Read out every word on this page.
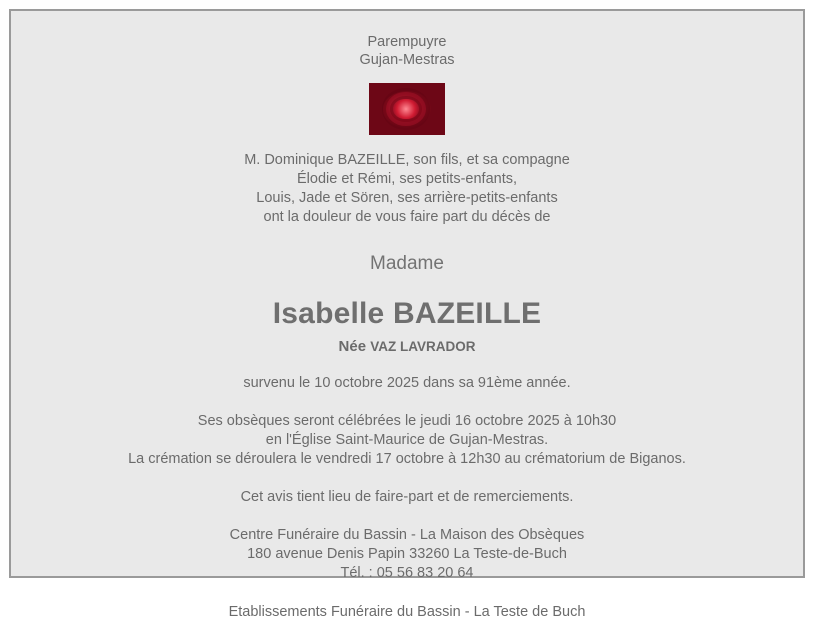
Parempuyre
Gujan-Mestras
M. Dominique BAZEILLE, son fils, et sa compagne
Élodie et Rémi, ses petits-enfants,
Louis, Jade et Sören, ses arrière-petits-enfants
ont la douleur de vous faire part du décès de
Madame
Isabelle BAZEILLE
Née VAZ LAVRADOR
survenu le 10 octobre 2025 dans sa 91ème année.
Ses obsèques seront célébrées le jeudi 16 octobre 2025 à 10h30
en l'Église Saint-Maurice de Gujan-Mestras.
La crémation se déroulera le vendredi 17 octobre à 12h30 au crématorium de Biganos.
Cet avis tient lieu de faire-part et de remerciements.
Centre Funéraire du Bassin - La Maison des Obsèques
180 avenue Denis Papin 33260 La Teste-de-Buch
Tél. : 05 56 83 20 64
Etablissements Funéraire du Bassin - La Teste de Buch
